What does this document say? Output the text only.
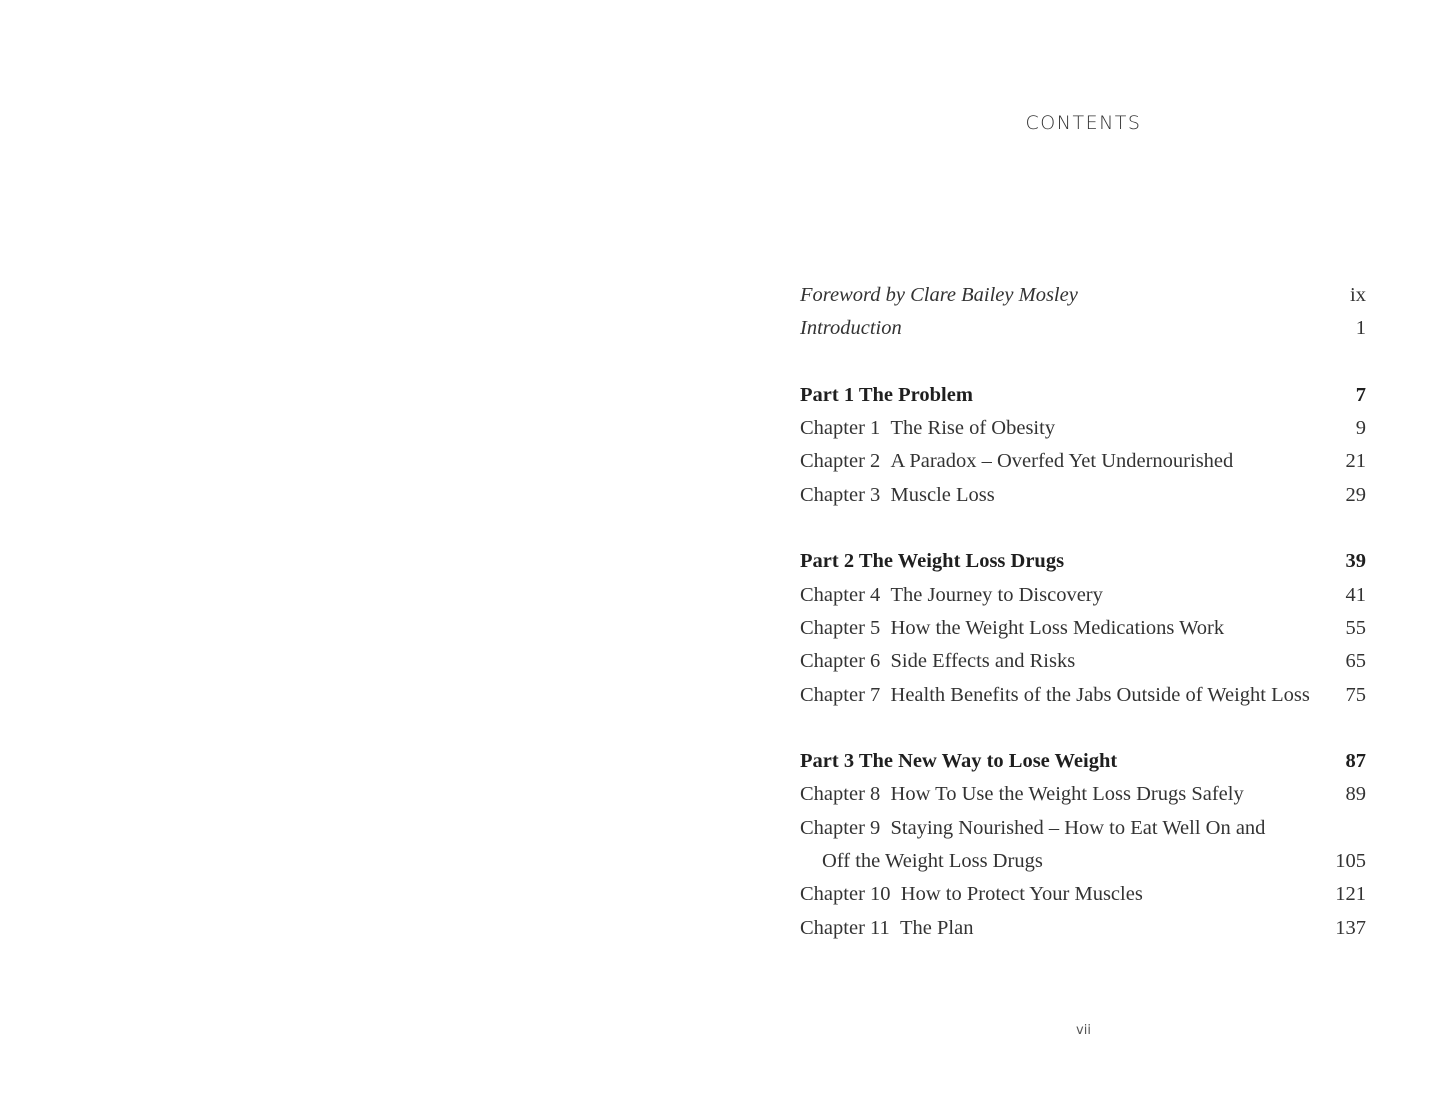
CONTENTS
Foreword by Clare Bailey Mosley	ix
Introduction	1
Part 1 The Problem	7
Chapter 1 The Rise of Obesity	9
Chapter 2 A Paradox – Overfed Yet Undernourished	21
Chapter 3 Muscle Loss	29
Part 2 The Weight Loss Drugs	39
Chapter 4 The Journey to Discovery	41
Chapter 5 How the Weight Loss Medications Work	55
Chapter 6 Side Effects and Risks	65
Chapter 7 Health Benefits of the Jabs Outside of Weight Loss 75
Part 3 The New Way to Lose Weight	87
Chapter 8 How To Use the Weight Loss Drugs Safely	89
Chapter 9 Staying Nourished – How to Eat Well On and
Off the Weight Loss Drugs	105
Chapter 10 How to Protect Your Muscles	121
Chapter 11 The Plan	137
vii
